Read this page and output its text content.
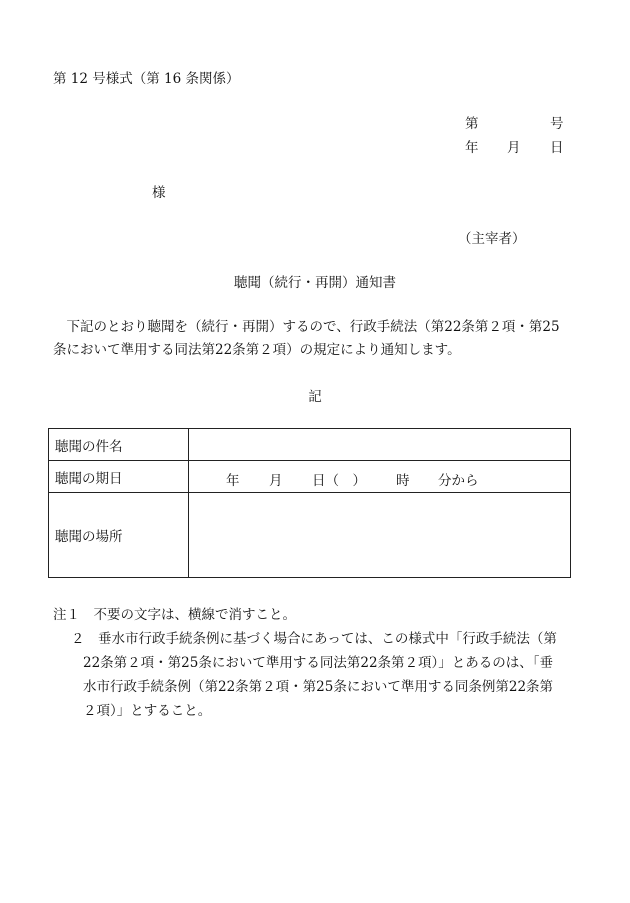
第 12 号様式（第 16 条関係）
第	号
年 月 日
様
（主宰者）
聴聞（続行・再開）通知書
　下記のとおり聴聞を（続行・再開）するので、行政手続法（第22条第２項・第25
条において準用する同法第22条第２項）の規定により通知します。
記
聴聞の件名	
聴聞の期日	年 月 日（　） 時 分から

聴聞の場所	
注１　不要の文字は、横線で消すこと。
２　垂水市行政手続条例に基づく場合にあっては、この様式中「行政手続法（第
22条第２項・第25条において準用する同法第22条第２項）」とあるのは、「垂
水市行政手続条例（第22条第２項・第25条において準用する同条例第22条第
２項）」とすること。
